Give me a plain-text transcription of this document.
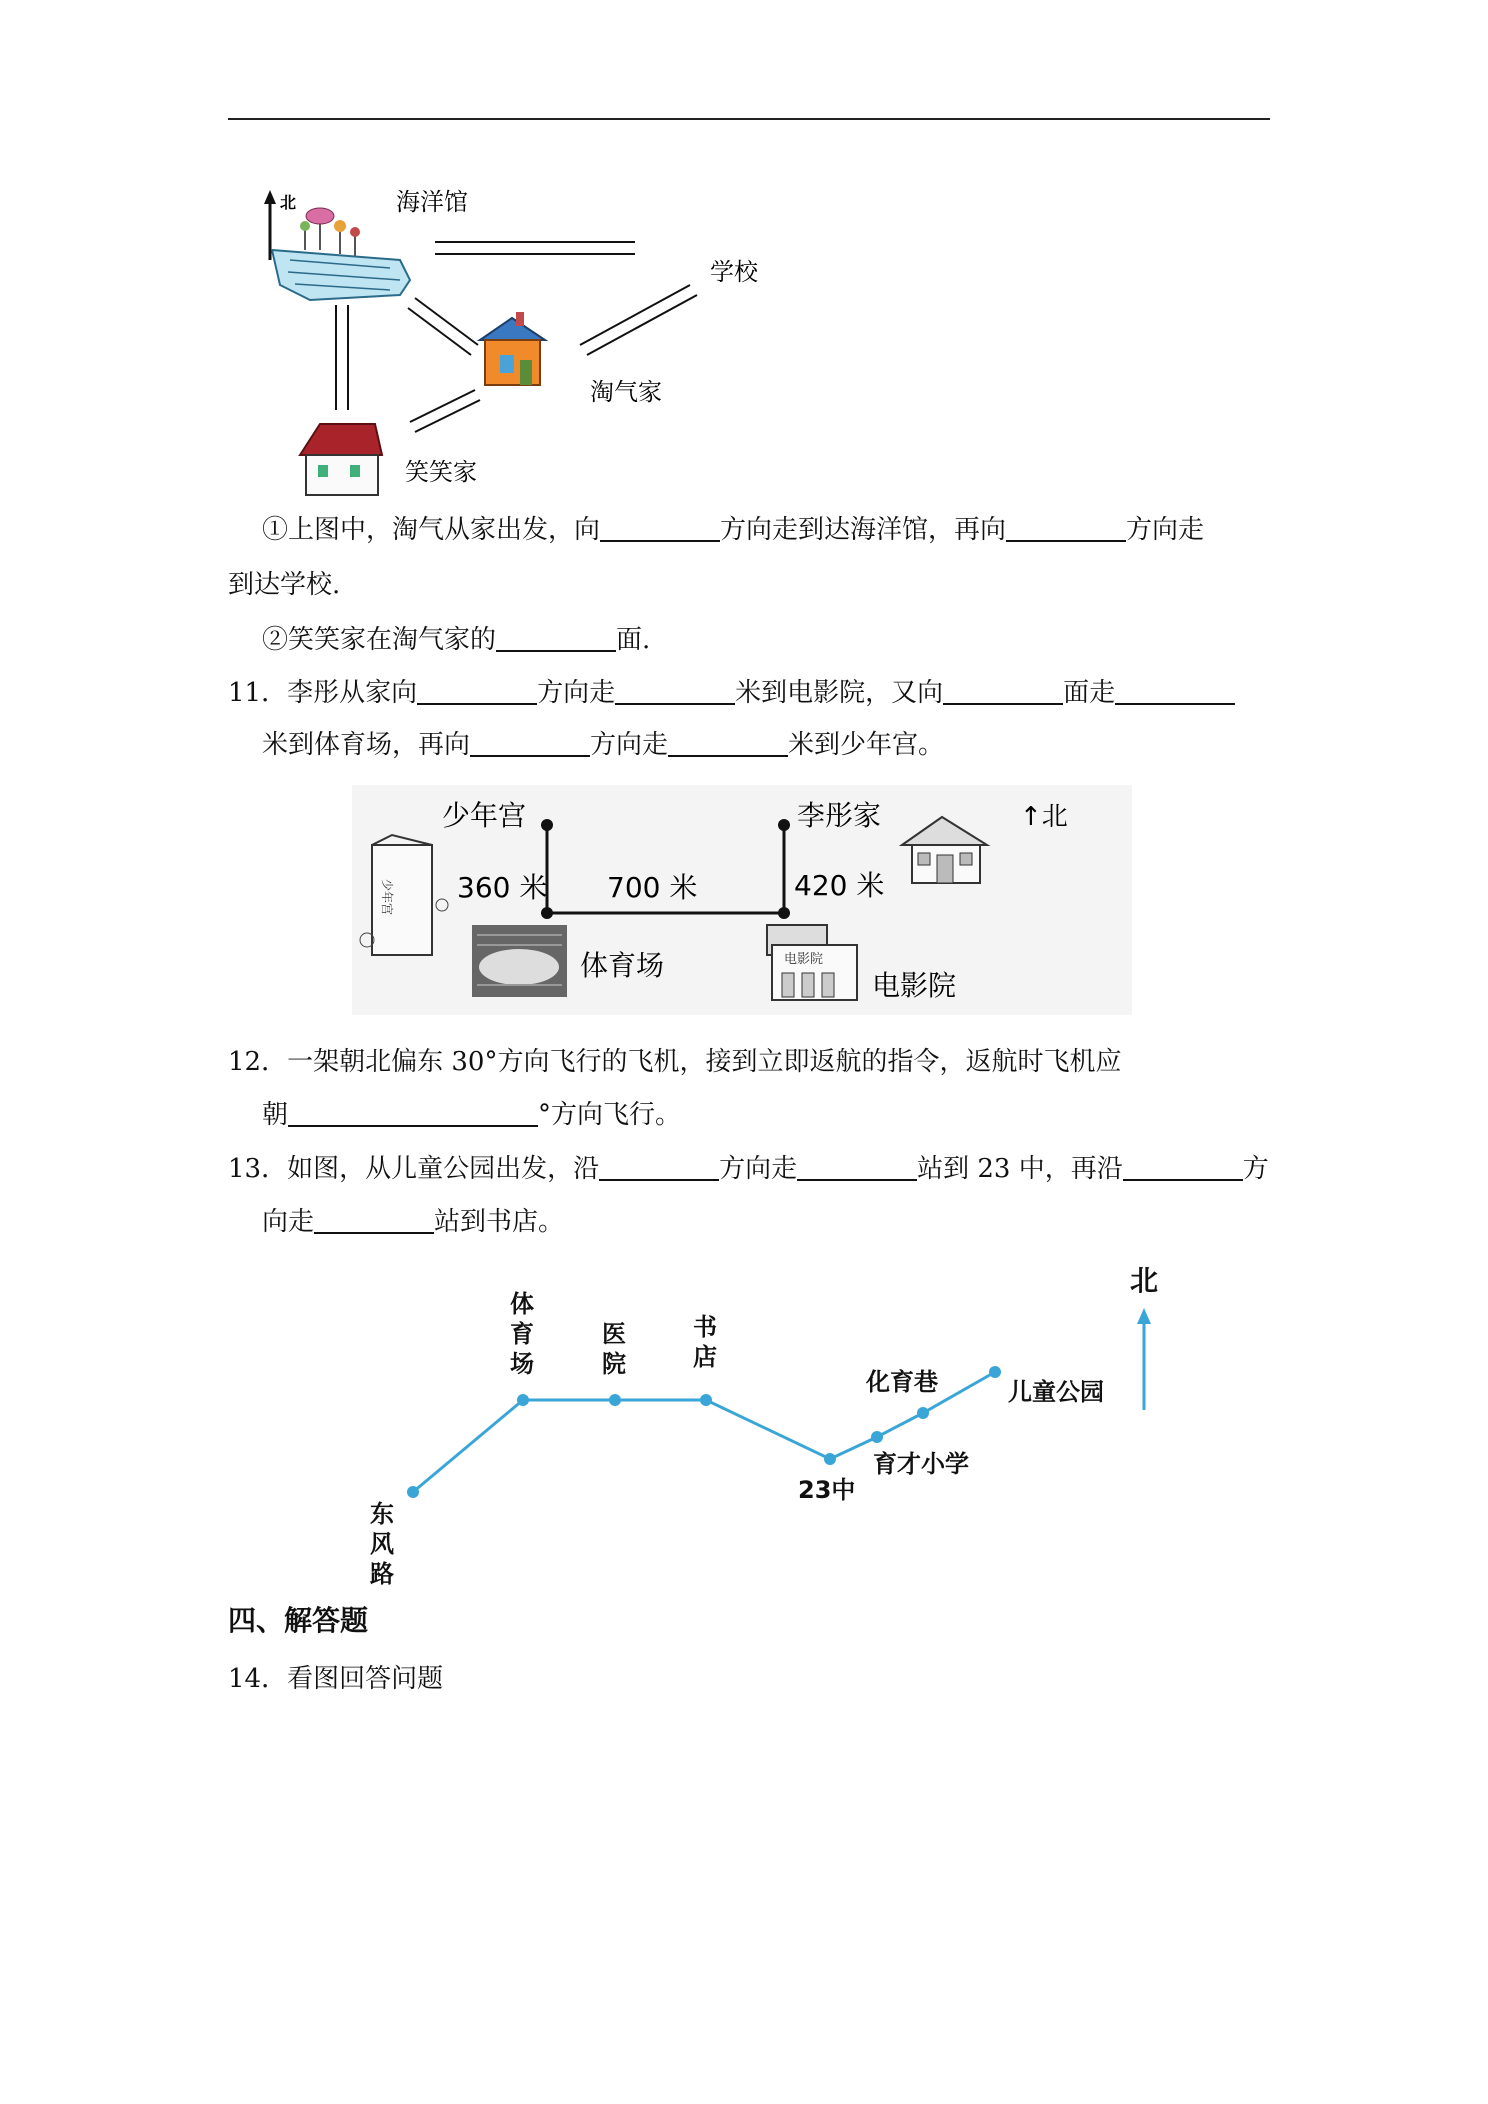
北	海洋馆
学校
淘气家
笑笑家
①上图中，淘气从家出发，向	方向走到达海洋馆，再向	方向走
到达学校.
②笑笑家在淘气家的	面.
11．李彤从家向	方向走	米到电影院，又向	面走
米到体育场，再向	方向走	米到少年宫。
少年宫
少年宫
360 米 700 米	420 米
李彤家	↑北
体育场	电影院
电影院
12．一架朝北偏东 30°方向飞行的飞机，接到立即返航的指令，返航时飞机应
朝	°方向飞行。
13．如图，从儿童公园出发，沿	方向走	站到 23 中，再沿	方
向走	站到书店。
东
风
路
体
育
场
医
院
书
店
23中
育才小学
化育巷	儿童公园
北
四、解答题
14．看图回答问题
